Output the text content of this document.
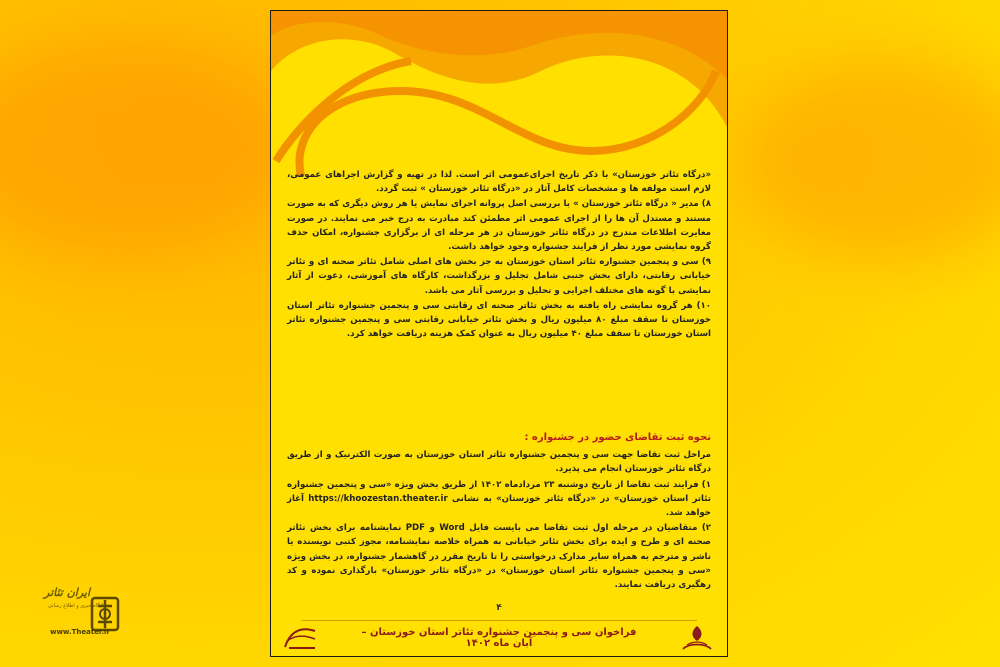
«درگاه تئاتر خوزستان» با ذکر تاریخ اجرای‌عمومی اثر است. لذا در تهیه و گزارش اجراهای عمومی، لازم است مولفه ها و مشخصات کامل آثار در «درگاه تئاتر خوزستان » ثبت گردد.

۸) مدیر « درگاه تئاتر خوزستان » با بررسی اصل پروانه اجرای نمایش یا هر روش دیگری که به صورت مستند و مستدل آن ها را از اجرای عمومی اثر مطمئن کند مبادرت به درج خبر می نمایند. در صورت مغایرت اطلاعات مندرج در درگاه تئاتر خوزستان در هر مرحله ای از برگزاری جشنواره، امکان حذف گروه نمایشی مورد نظر از فرایند جشنواره وجود خواهد داشت.

۹) سی و پنجمین جشنواره تئاتر استان خوزستان به جز بخش های اصلی شامل تئاتر صحنه ای و تئاتر خیابانی رقابتی، دارای بخش جنبی شامل تجلیل و بزرگداشت، کارگاه های آموزشی، دعوت از آثار نمایشی با گونه های مختلف اجرایی و تحلیل و بررسی آثار می باشد.

۱۰) هر گروه نمایشی راه یافته به بخش تئاتر صحنه ای رقابتی سی و پنجمین جشنواره تئاتر استان خوزستان تا سقف مبلغ ۸۰ میلیون ریال و بخش تئاتر خیابانی رقابتی سی و پنجمین جشنواره تئاتر استان خوزستان تا سقف مبلغ ۴۰ میلیون ریال به عنوان کمک هزینه دریافت خواهد کرد.

نحوه ثبت تقاضای حضور در جشنواره :

مراحل ثبت تقاضا جهت سی و پنجمین جشنواره تئاتر استان خوزستان به صورت الکترنیک و از طریق درگاه تئاتر خوزستان انجام می پذیرد.

۱) فرایند ثبت تقاضا از تاریخ دوشنبه ۲۳ مردادماه ۱۴۰۲ از طریق بخش ویژه «سی و پنجمین جشنواره تئاتر استان خوزستان» در «درگاه تئاتر خوزستان» به نشانی https://khoozestan.theater.ir آغاز خواهد شد.

۲) متقاضیان در مرحله اول ثبت تقاضا می بایست فایل Word و PDF نمایشنامه برای بخش تئاتر صحنه ای و طرح و ایده برای بخش تئاتر خیابانی به همراه خلاصه نمایشنامه، مجوز کتبی نویسنده یا ناشر و مترجم به همراه سایر مدارک درخواستی را تا تاریخ مقرر در گاهشمار جشنواره، در بخش ویژه «سی و پنجمین جشنواره تئاتر استان خوزستان» در «درگاه تئاتر خوزستان» بارگذاری نموده و کد رهگیری دریافت نمایند.

۴
فراخوان سی و پنجمین جشنواره تئاتر استان خوزستان – آبان ماه ۱۴۰۲
ایران تئاتر
پایگاه خبری و اطلاع رسانی
www.Theater.ir
